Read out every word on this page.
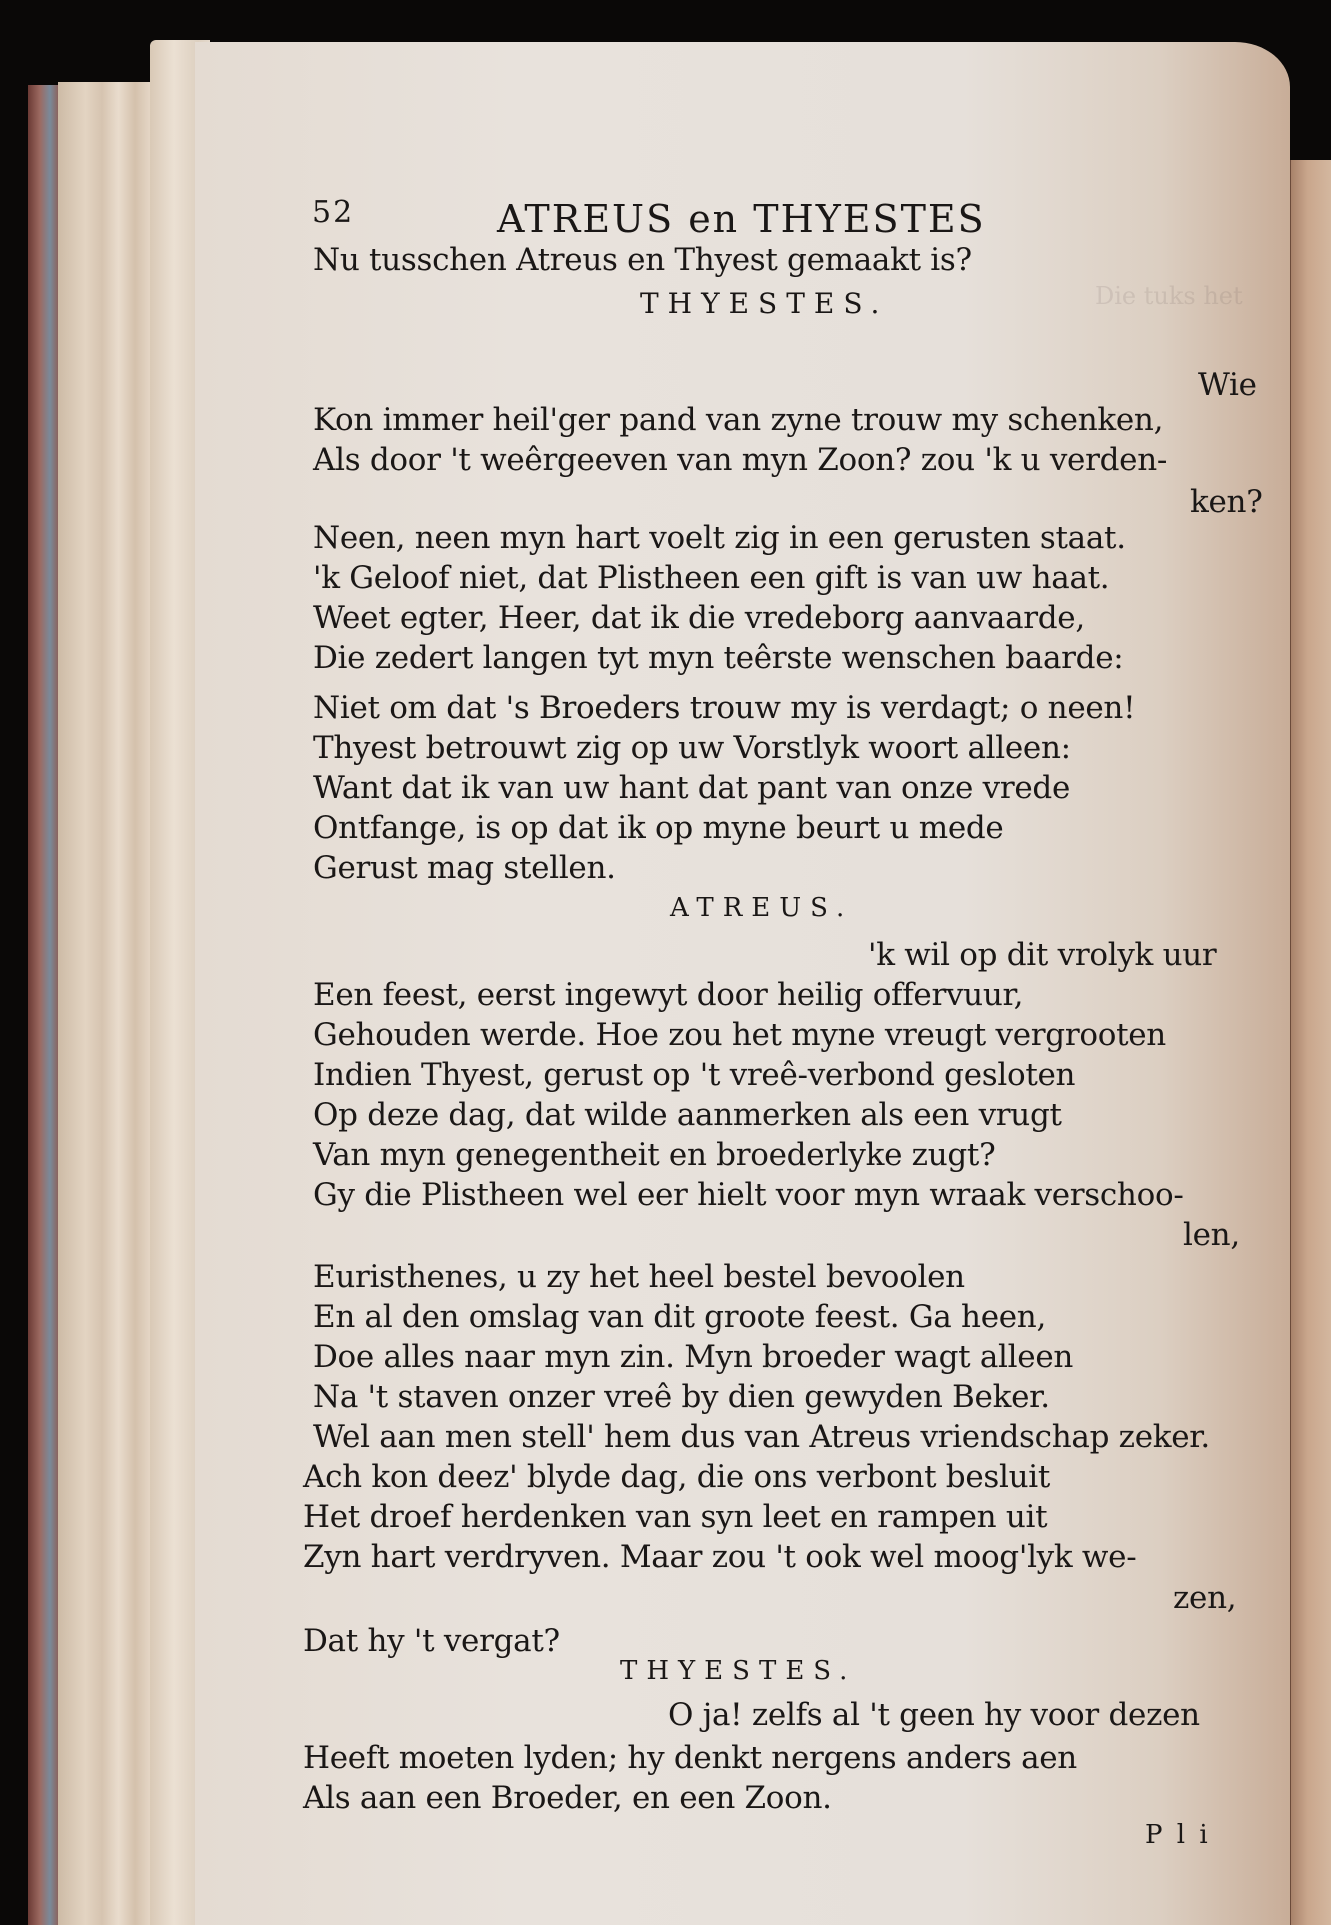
Die tuks het
52	ATREUS en THYESTES
Nu tusschen Atreus en Thyest gemaakt is?
THYESTES.
Wie
Kon immer heil'ger pand van zyne trouw my schenken,
Als door 't weêrgeeven van myn Zoon? zou 'k u verden-
ken?
Neen, neen myn hart voelt zig in een gerusten staat.
'k Geloof niet, dat Plistheen een gift is van uw haat.
Weet egter, Heer, dat ik die vredeborg aanvaarde,
Die zedert langen tyt myn teêrste wenschen baarde:
Niet om dat 's Broeders trouw my is verdagt; o neen!
Thyest betrouwt zig op uw Vorstlyk woort alleen:
Want dat ik van uw hant dat pant van onze vrede
Ontfange, is op dat ik op myne beurt u mede
Gerust mag stellen.
ATREUS.
'k wil op dit vrolyk uur
Een feest, eerst ingewyt door heilig offervuur,
Gehouden werde. Hoe zou het myne vreugt vergrooten
Indien Thyest, gerust op 't vreê-verbond gesloten
Op deze dag, dat wilde aanmerken als een vrugt
Van myn genegentheit en broederlyke zugt?
Gy die Plistheen wel eer hielt voor myn wraak verschoo-
len,
Euristhenes, u zy het heel bestel bevoolen
En al den omslag van dit groote feest. Ga heen,
Doe alles naar myn zin. Myn broeder wagt alleen
Na 't staven onzer vreê by dien gewyden Beker.
Wel aan men stell' hem dus van Atreus vriendschap zeker.
Ach kon deez' blyde dag, die ons verbont besluit
Het droef herdenken van syn leet en rampen uit
Zyn hart verdryven. Maar zou 't ook wel moog'lyk we-
zen,
Dat hy 't vergat?
THYESTES.
O ja! zelfs al 't geen hy voor dezen
Heeft moeten lyden; hy denkt nergens anders aen
Als aan een Broeder, en een Zoon.
P l i
